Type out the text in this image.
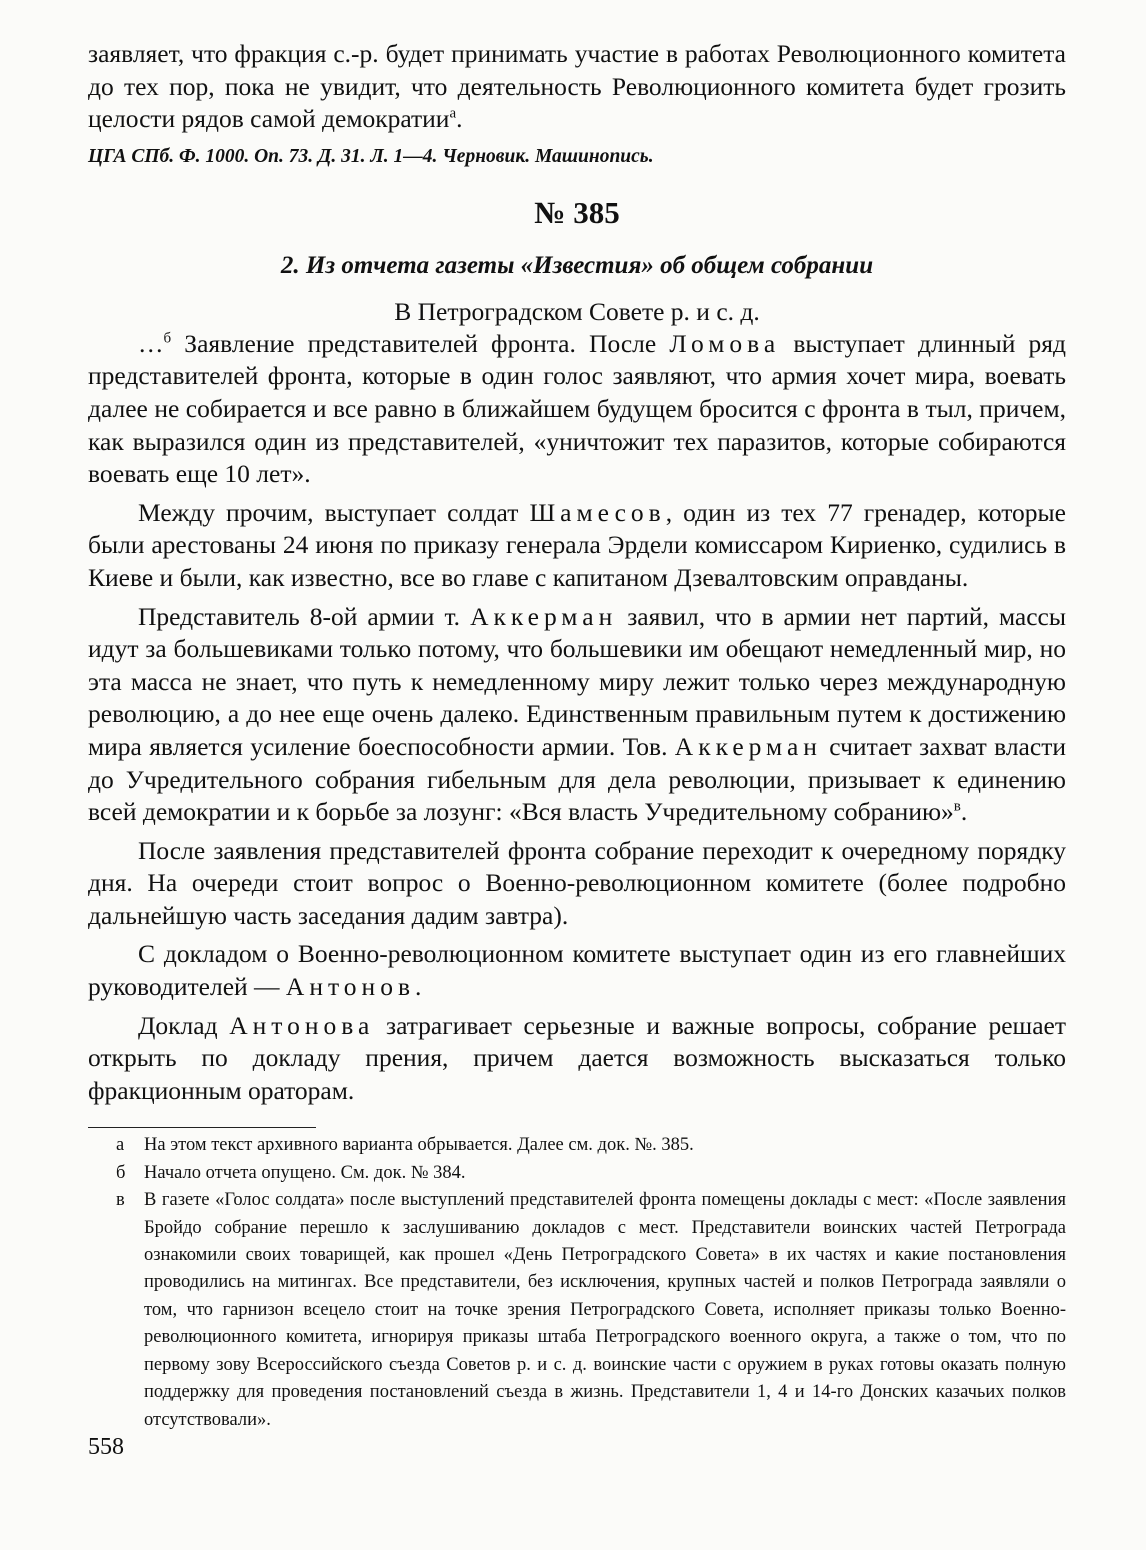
заявляет, что фракция с.-р. будет принимать участие в работах Революционного комитета до тех пор, пока не увидит, что деятельность Революционного комитета будет грозить целости рядов самой демократии$^а$.

ЦГА СПб. Ф. 1000. Оп. 73. Д. 31. Л. 1—4. Черновик. Машинопись.

№ 385

2. Из отчета газеты «Известия» об общем собрании

В Петроградском Совете р. и с. д.

…$^б$ Заявление представителей фронта. После Ломова выступает длинный ряд представителей фронта, которые в один голос заявляют, что армия хочет мира, воевать далее не собирается и все равно в ближайшем будущем бросится с фронта в тыл, причем, как выразился один из представителей, «уничтожит тех паразитов, которые собираются воевать еще 10 лет».

Между прочим, выступает солдат Шамесов, один из тех 77 гренадер, которые были арестованы 24 июня по приказу генерала Эрдели комиссаром Кириенко, судились в Киеве и были, как известно, все во главе с капитаном Дзевалтовским оправданы.

Представитель 8-ой армии т. Аккерман заявил, что в армии нет партий, массы идут за большевиками только потому, что большевики им обещают немедленный мир, но эта масса не знает, что путь к немедленному миру лежит только через международную революцию, а до нее еще очень далеко. Единственным правильным путем к достижению мира является усиление боеспособности армии. Тов. Аккерман считает захват власти до Учредительного собрания гибельным для дела революции, призывает к единению всей демократии и к борьбе за лозунг: «Вся власть Учредительному собранию»$^в$.

После заявления представителей фронта собрание переходит к очередному порядку дня. На очереди стоит вопрос о Военно-революционном комитете (более подробно дальнейшую часть заседания дадим завтра).

С докладом о Военно-революционном комитете выступает один из его главнейших руководителей — Антонов.

Доклад Антонова затрагивает серьезные и важные вопросы, собрание решает открыть по докладу прения, причем дается возможность высказаться только фракционным ораторам.

а На этом текст архивного варианта обрывается. Далее см. док. №. 385.
б Начало отчета опущено. См. док. № 384.
в В газете «Голос солдата» после выступлений представителей фронта помещены доклады с мест: «После заявления Бройдо собрание перешло к заслушиванию докладов с мест. Представители воинских частей Петрограда ознакомили своих товарищей, как прошел «День Петроградского Совета» в их частях и какие постановления проводились на митингах. Все представители, без исключения, крупных частей и полков Петрограда заявляли о том, что гарнизон всецело стоит на точке зрения Петроградского Совета, исполняет приказы только Военно-революционного комитета, игнорируя приказы штаба Петроградского военного округа, а также о том, что по первому зову Всероссийского съезда Советов р. и с. д. воинские части с оружием в руках готовы оказать полную поддержку для проведения постановлений съезда в жизнь. Представители 1, 4 и 14-го Донских казачьих полков отсутствовали».
558
